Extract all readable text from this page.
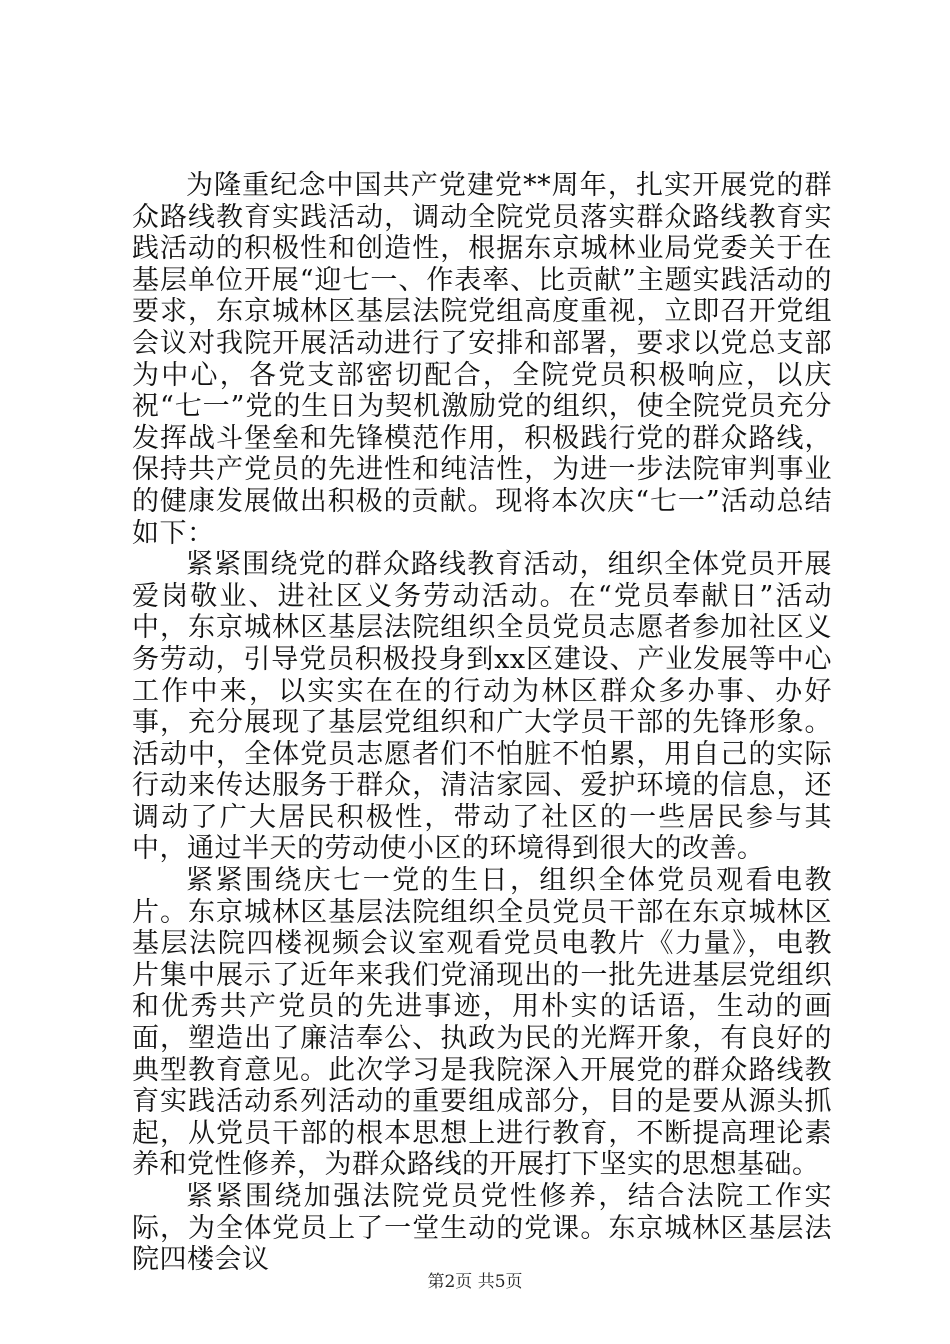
为隆重纪念中国共产党建党**周年，扎实开展党的群众路线教育实践活动，调动全院党员落实群众路线教育实践活动的积极性和创造性，根据东京城林业局党委关于在基层单位开展“迎七一、作表率、比贡献”主题实践活动的要求，东京城林区基层法院党组高度重视，立即召开党组会议对我院开展活动进行了安排和部署，要求以党总支部为中心，各党支部密切配合，全院党员积极响应，以庆祝“七一”党的生日为契机激励党的组织，使全院党员充分发挥战斗堡垒和先锋模范作用，积极践行党的群众路线，保持共产党员的先进性和纯洁性，为进一步法院审判事业的健康发展做出积极的贡献。现将本次庆“七一”活动总结如下：

紧紧围绕党的群众路线教育活动，组织全体党员开展爱岗敬业、进社区义务劳动活动。在“党员奉献日”活动中，东京城林区基层法院组织全员党员志愿者参加社区义务劳动，引导党员积极投身到xx区建设、产业发展等中心工作中来，以实实在在的行动为林区群众多办事、办好事，充分展现了基层党组织和广大学员干部的先锋形象。活动中，全体党员志愿者们不怕脏不怕累，用自己的实际行动来传达服务于群众，清洁家园、爱护环境的信息，还调动了广大居民积极性，带动了社区的一些居民参与其中，通过半天的劳动使小区的环境得到很大的改善。

紧紧围绕庆七一党的生日，组织全体党员观看电教片。东京城林区基层法院组织全员党员干部在东京城林区基层法院四楼视频会议室观看党员电教片《力量》，电教片集中展示了近年来我们党涌现出的一批先进基层党组织和优秀共产党员的先进事迹，用朴实的话语，生动的画面，塑造出了廉洁奉公、执政为民的光辉开象，有良好的典型教育意见。此次学习是我院深入开展党的群众路线教育实践活动系列活动的重要组成部分，目的是要从源头抓起，从党员干部的根本思想上进行教育，不断提高理论素养和党性修养，为群众路线的开展打下坚实的思想基础。

紧紧围绕加强法院党员党性修养，结合法院工作实际，为全体党员上了一堂生动的党课。东京城林区基层法院四楼会议

第2页 共5页
